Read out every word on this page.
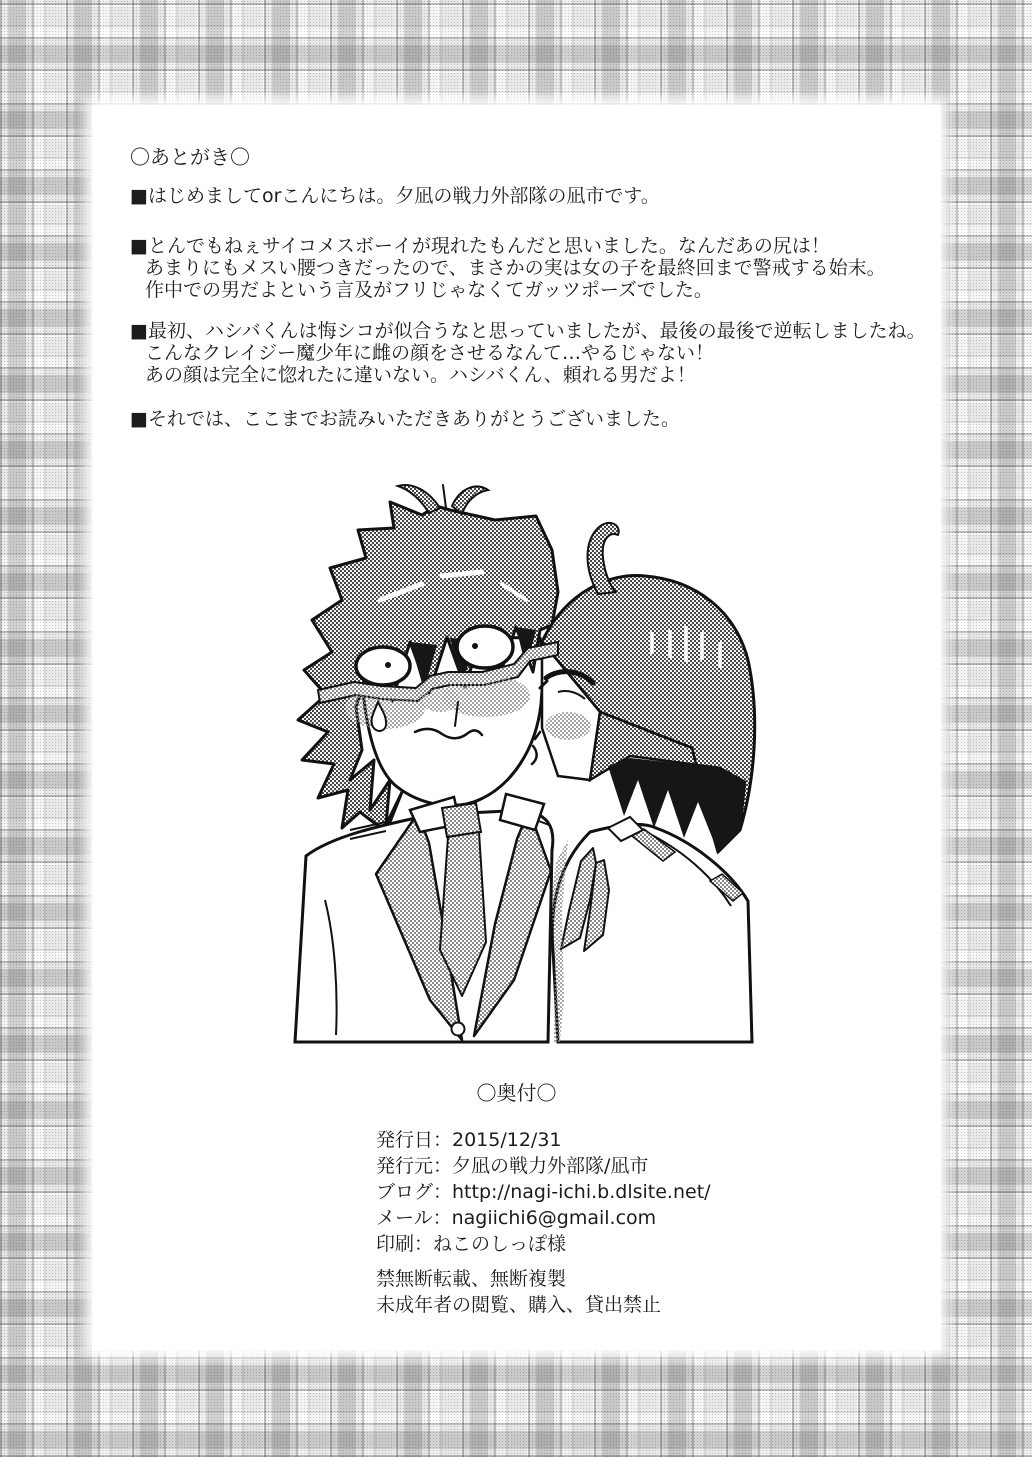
〇あとがき〇
■はじめましてorこんにちは。夕凪の戦力外部隊の凪市です。
■とんでもねぇサイコメスボーイが現れたもんだと思いました。なんだあの尻は！
あまりにもメスい腰つきだったので、まさかの実は女の子を最終回まで警戒する始末。
作中での男だよという言及がフリじゃなくてガッツポーズでした。
■最初、ハシバくんは悔シコが似合うなと思っていましたが、最後の最後で逆転しましたね。
こんなクレイジー魔少年に雌の顔をさせるなんて…やるじゃない！
あの顔は完全に惚れたに違いない。ハシバくん、頼れる男だよ！
■それでは、ここまでお読みいただきありがとうございました。
〇奥付〇
発行日：2015/12/31
発行元：夕凪の戦力外部隊/凪市
ブログ：http://nagi-ichi.b.dlsite.net/
メール：nagiichi6@gmail.com
印刷：ねこのしっぽ様
禁無断転載、無断複製
未成年者の閲覧、購入、貸出禁止
